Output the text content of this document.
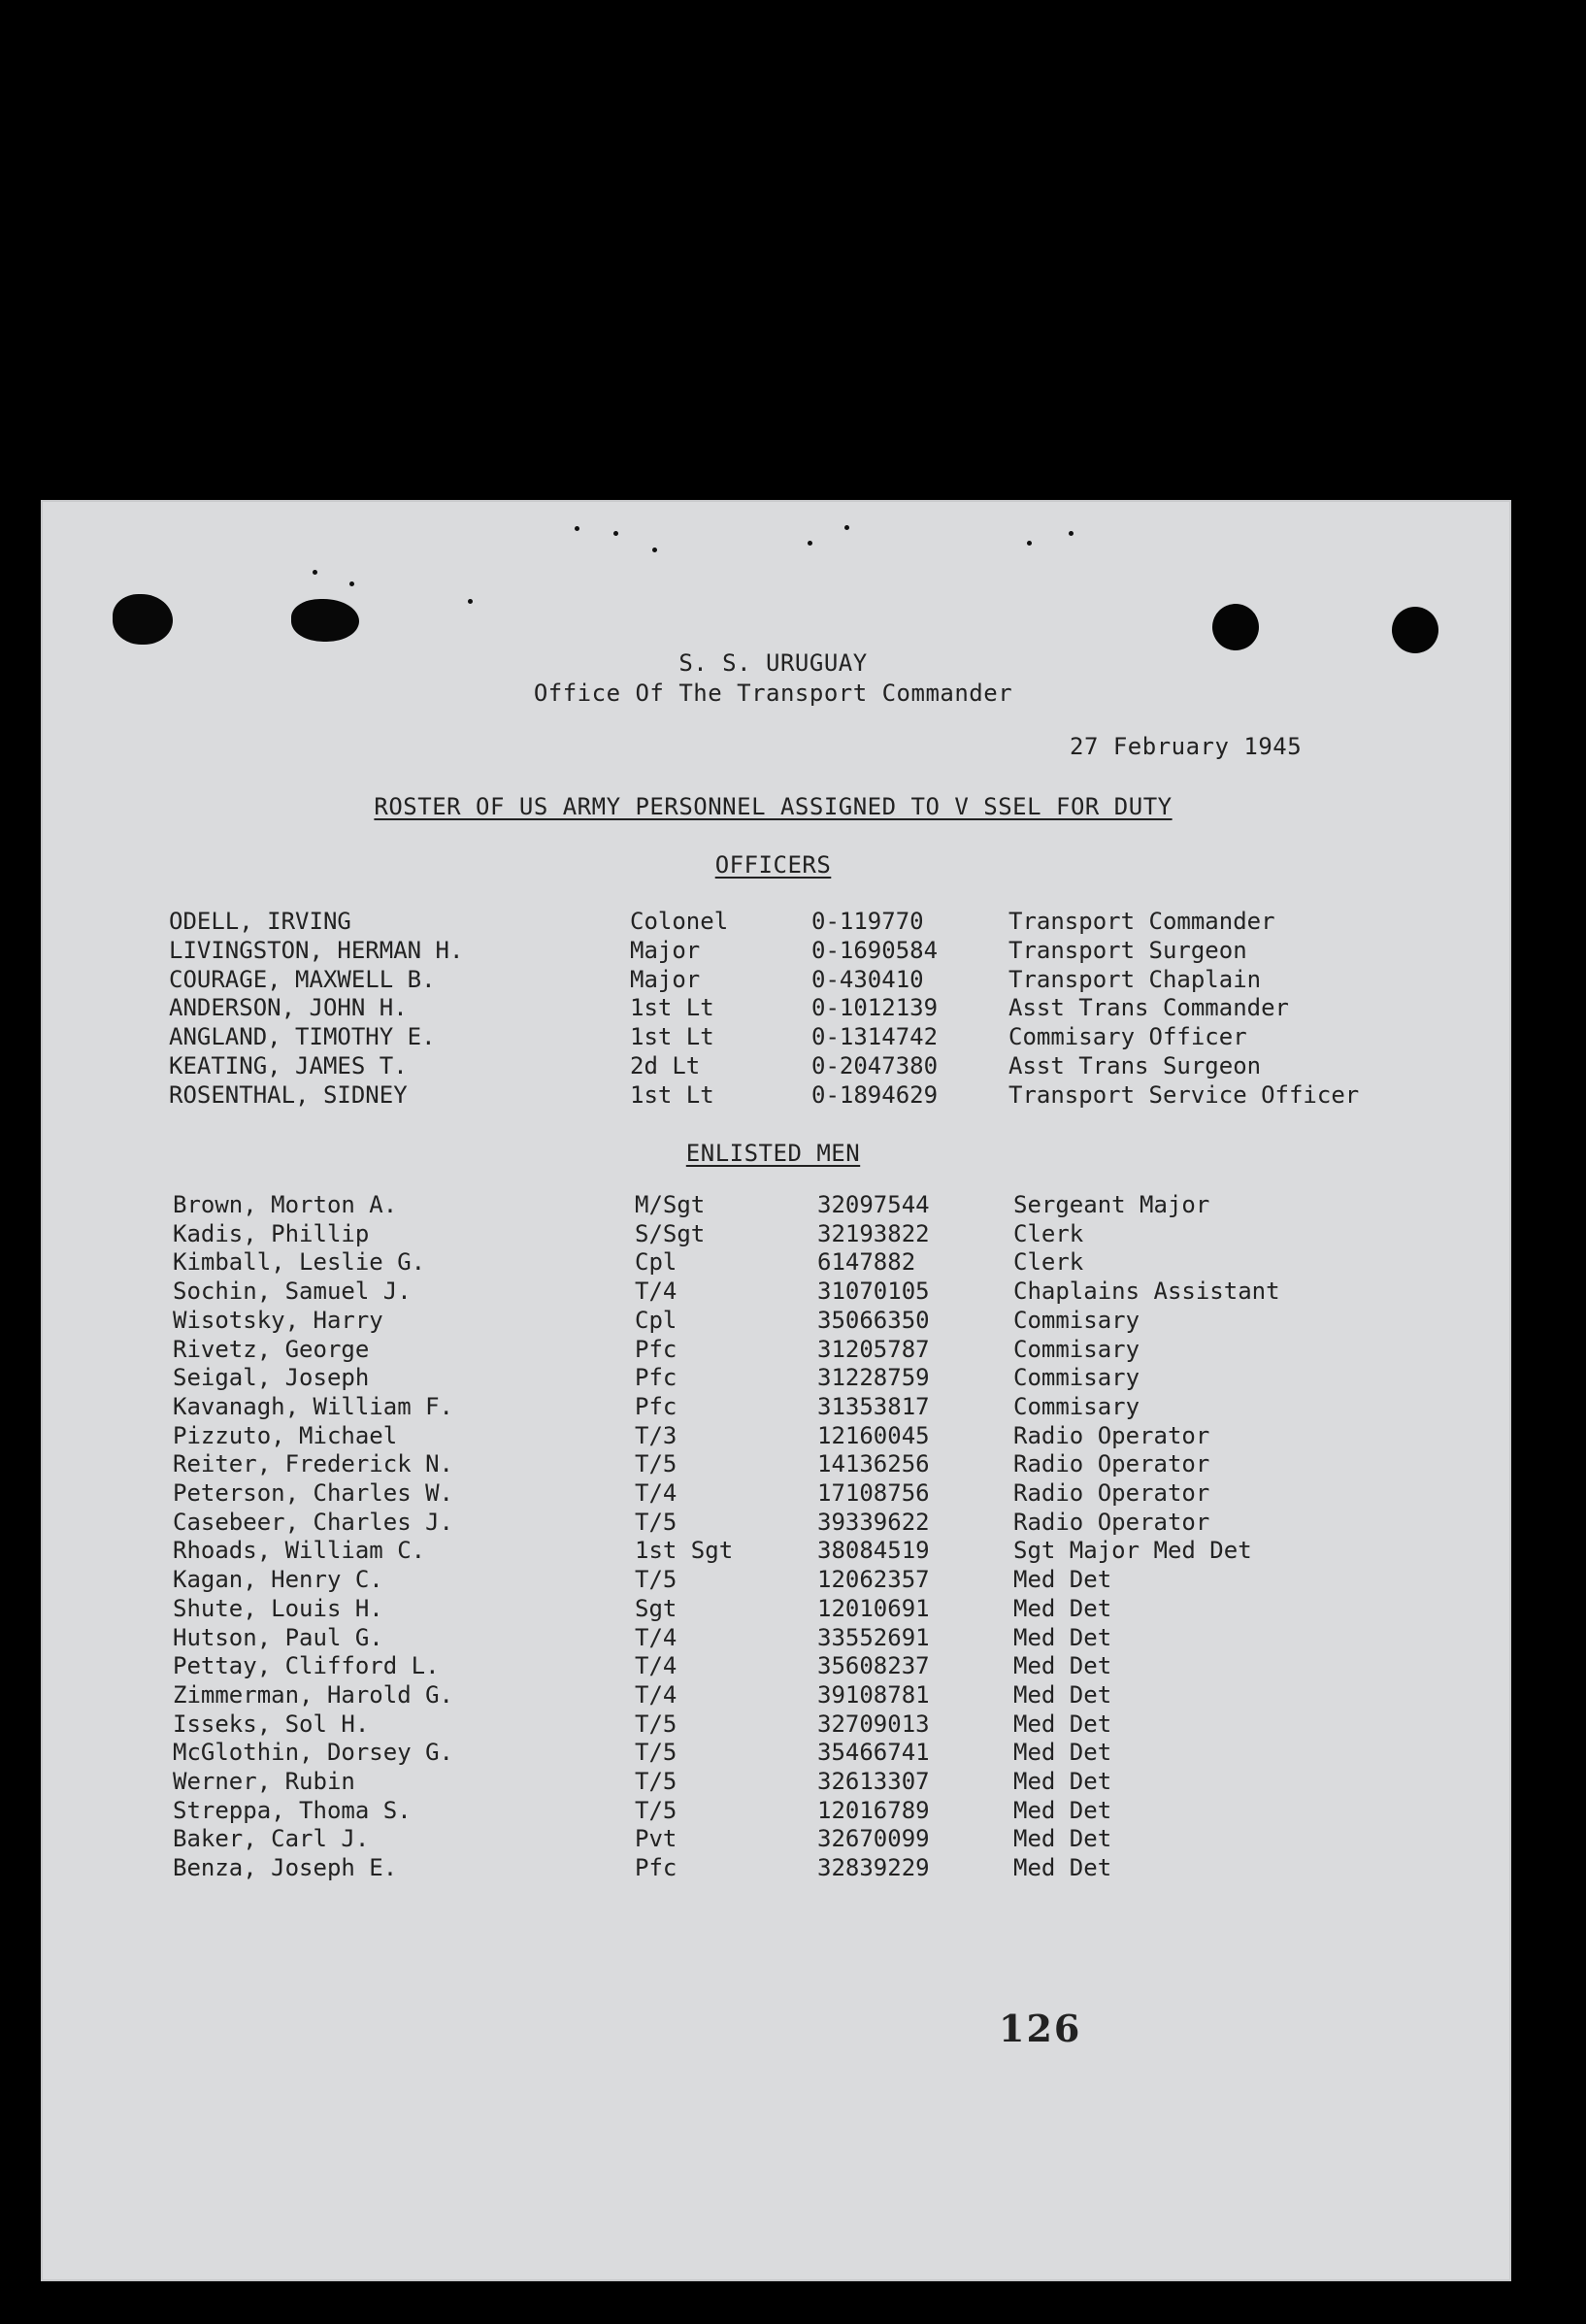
S. S. URUGUAY
Office Of The Transport Commander
27 February 1945
ROSTER OF US ARMY PERSONNEL ASSIGNED TO V SSEL FOR DUTY
OFFICERS
ODELL, IRVING	Colonel	0-119770	Transport Commander
LIVINGSTON, HERMAN H.	Major	0-1690584	Transport Surgeon
COURAGE, MAXWELL B.	Major	0-430410	Transport Chaplain
ANDERSON, JOHN H.	1st Lt	0-1012139	Asst Trans Commander
ANGLAND, TIMOTHY E.	1st Lt	0-1314742	Commisary Officer
KEATING, JAMES T.	2d Lt	0-2047380	Asst Trans Surgeon
ROSENTHAL, SIDNEY	1st Lt	0-1894629	Transport Service Officer
ENLISTED MEN
Brown, Morton A.	M/Sgt	32097544	Sergeant Major
Kadis, Phillip	S/Sgt	32193822	Clerk
Kimball, Leslie G.	Cpl	6147882	Clerk
Sochin, Samuel J.	T/4	31070105	Chaplains Assistant
Wisotsky, Harry	Cpl	35066350	Commisary
Rivetz, George	Pfc	31205787	Commisary
Seigal, Joseph	Pfc	31228759	Commisary
Kavanagh, William F.	Pfc	31353817	Commisary
Pizzuto, Michael	T/3	12160045	Radio Operator
Reiter, Frederick N.	T/5	14136256	Radio Operator
Peterson, Charles W.	T/4	17108756	Radio Operator
Casebeer, Charles J.	T/5	39339622	Radio Operator
Rhoads, William C.	1st Sgt	38084519	Sgt Major Med Det
Kagan, Henry C.	T/5	12062357	Med Det
Shute, Louis H.	Sgt	12010691	Med Det
Hutson, Paul G.	T/4	33552691	Med Det
Pettay, Clifford L.	T/4	35608237	Med Det
Zimmerman, Harold G.	T/4	39108781	Med Det
Isseks, Sol H.	T/5	32709013	Med Det
McGlothin, Dorsey G.	T/5	35466741	Med Det
Werner, Rubin	T/5	32613307	Med Det
Streppa, Thoma S.	T/5	12016789	Med Det
Baker, Carl J.	Pvt	32670099	Med Det
Benza, Joseph E.	Pfc	32839229	Med Det
126
